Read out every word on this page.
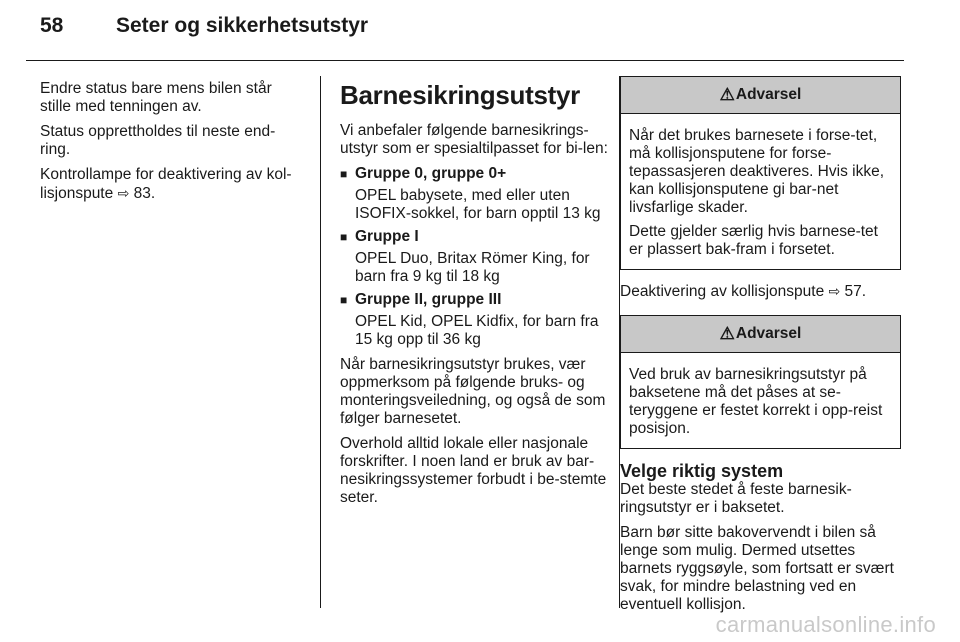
58	Seter og sikkerhetsutstyr

Endre status bare mens bilen står stille med tenningen av.

Status opprettholdes til neste end-ring.

Kontrollampe for deaktivering av kol-lisjonspute ⇨ 83.

Barnesikringsutstyr

Vi anbefaler følgende barnesikrings-utstyr som er spesialtilpasset for bi-len:

■ Gruppe 0, gruppe 0+
OPEL babysete, med eller uten ISOFIX-sokkel, for barn opptil 13 kg
■ Gruppe I
OPEL Duo, Britax Römer King, for barn fra 9 kg til 18 kg
■ Gruppe II, gruppe III
OPEL Kid, OPEL Kidfix, for barn fra 15 kg opp til 36 kg

Når barnesikringsutstyr brukes, vær oppmerksom på følgende bruks- og monteringsveiledning, og også de som følger barnesetet.

Overhold alltid lokale eller nasjonale forskrifter. I noen land er bruk av bar-nesikringssystemer forbudt i be-stemte seter.

⚠ Advarsel

Når det brukes barnesete i forse-tet, må kollisjonsputene for forse-tepassasjeren deaktiveres. Hvis ikke, kan kollisjonsputene gi bar-net livsfarlige skader.

Dette gjelder særlig hvis barnese-tet er plassert bak-fram i forsetet.

Deaktivering av kollisjonspute ⇨ 57.

⚠ Advarsel

Ved bruk av barnesikringsutstyr på baksetene må det påses at se-teryggene er festet korrekt i opp-reist posisjon.

Velge riktig system

Det beste stedet å feste barnesik-ringsutstyr er i baksetet.

Barn bør sitte bakovervendt i bilen så lenge som mulig. Dermed utsettes barnets ryggsøyle, som fortsatt er svært svak, for mindre belastning ved en eventuell kollisjon.

carmanualsonline.info
